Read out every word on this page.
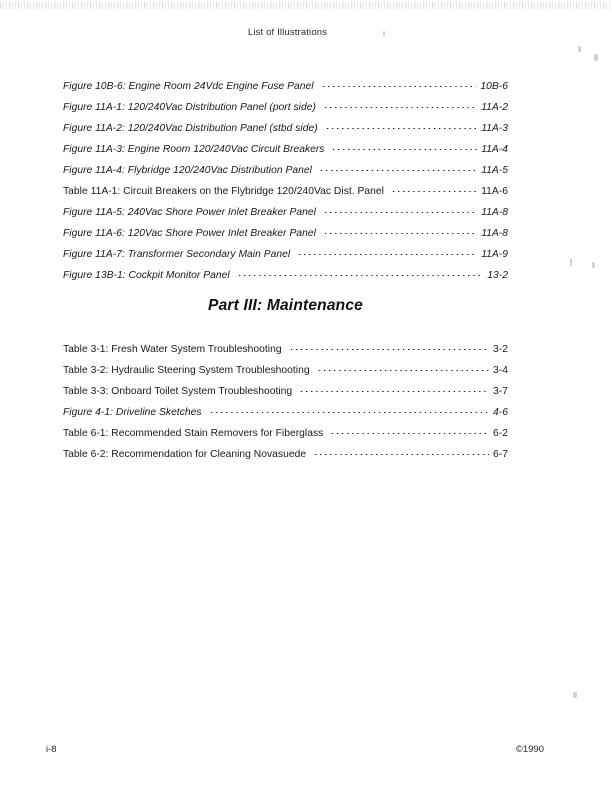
List of Illustrations
Figure 10B-6: Engine Room 24Vdc Engine Fuse Panel	10B-6
Figure 11A-1: 120/240Vac Distribution Panel (port side)	11A-2
Figure 11A-2: 120/240Vac Distribution Panel (stbd side)	11A-3
Figure 11A-3: Engine Room 120/240Vac Circuit Breakers	11A-4
Figure 11A-4: Flybridge 120/240Vac Distribution Panel	11A-5
Table 11A-1: Circuit Breakers on the Flybridge 120/240Vac Dist. Panel	11A-6
Figure 11A-5: 240Vac Shore Power Inlet Breaker Panel	11A-8
Figure 11A-6: 120Vac Shore Power Inlet Breaker Panel	11A-8
Figure 11A-7: Transformer Secondary Main Panel	11A-9
Figure 13B-1: Cockpit Monitor Panel	13-2
Part III: Maintenance
Table 3-1: Fresh Water System Troubleshooting	3-2
Table 3-2: Hydraulic Steering System Troubleshooting	3-4
Table 3-3: Onboard Toilet System Troubleshooting	3-7
Figure 4-1: Driveline Sketches	4-6
Table 6-1: Recommended Stain Removers for Fiberglass	6-2
Table 6-2: Recommendation for Cleaning Novasuede	6-7
i-8	©1990
